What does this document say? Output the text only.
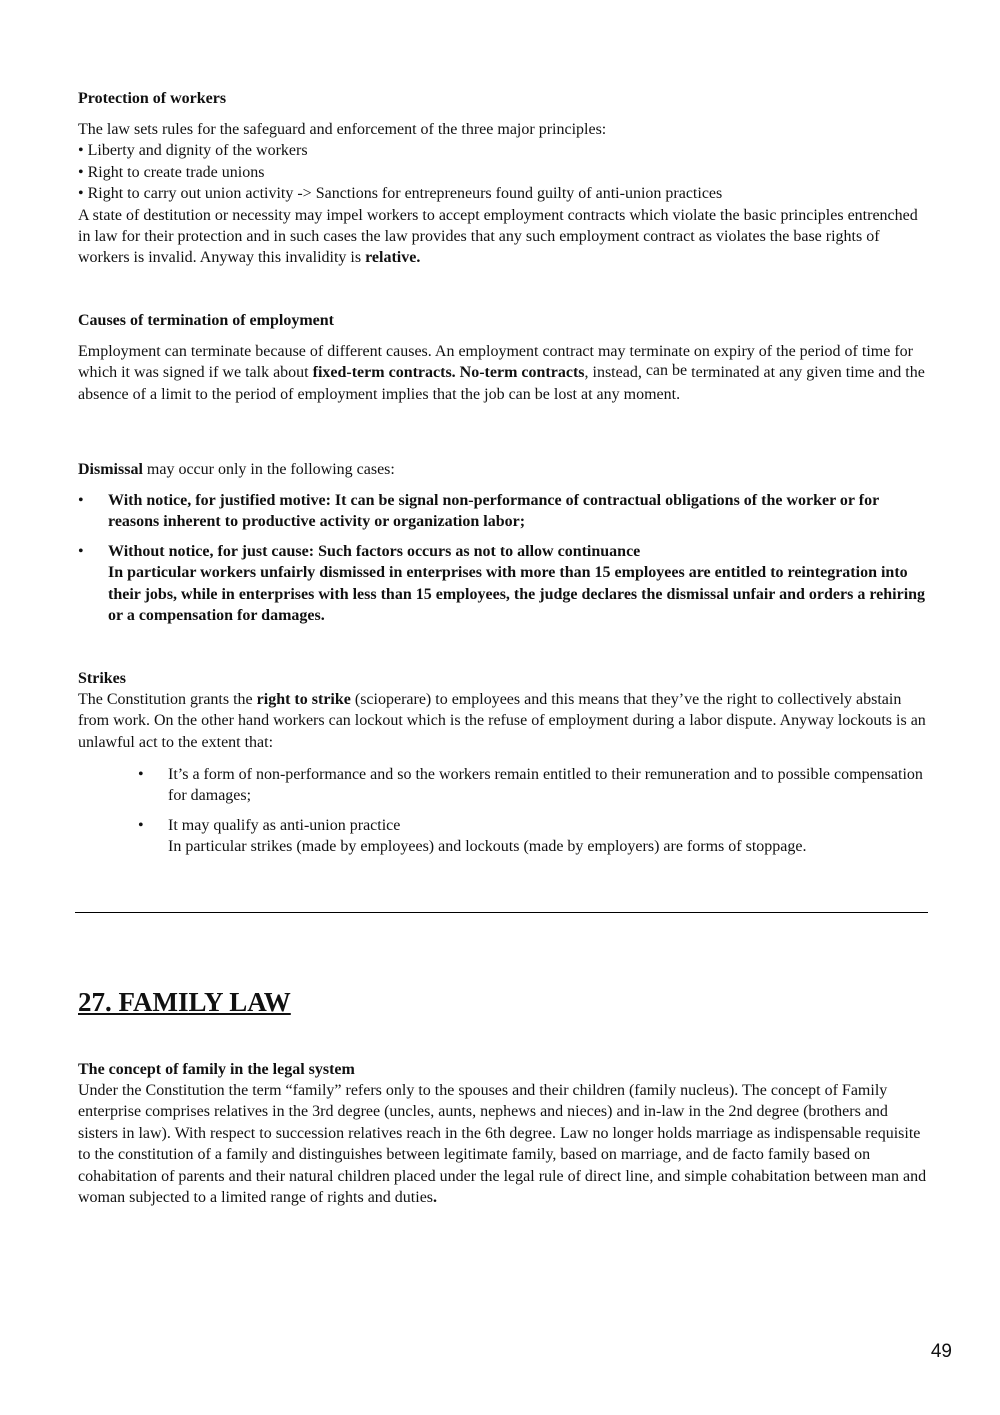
Protection of workers

The law sets rules for the safeguard and enforcement of the three major principles:
• Liberty and dignity of the workers
• Right to create trade unions
• Right to carry out union activity -> Sanctions for entrepreneurs found guilty of anti-union practices
A state of destitution or necessity may impel workers to accept employment contracts which violate the basic principles entrenched in law for their protection and in such cases the law provides that any such employment contract as violates the base rights of workers is invalid. Anyway this invalidity is relative.

Causes of termination of employment

Employment can terminate because of different causes. An employment contract may terminate on expiry of the period of time for which it was signed if we talk about fixed-term contracts. No-term contracts, instead, can be terminated at any given time and the absence of a limit to the period of employment implies that the job can be lost at any moment.

Dismissal may occur only in the following cases:

• With notice, for justified motive: It can be signal non-performance of contractual obligations of the worker or for reasons inherent to productive activity or organization labor;
• Without notice, for just cause: Such factors occurs as not to allow continuance
In particular workers unfairly dismissed in enterprises with more than 15 employees are entitled to reintegration into their jobs, while in enterprises with less than 15 employees, the judge declares the dismissal unfair and orders a rehiring or a compensation for damages.

Strikes

The Constitution grants the right to strike (scioperare) to employees and this means that they’ve the right to collectively abstain from work. On the other hand workers can lockout which is the refuse of employment during a labor dispute. Anyway lockouts is an unlawful act to the extent that:

• It’s a form of non-performance and so the workers remain entitled to their remuneration and to possible compensation for damages;
• It may qualify as anti-union practice
In particular strikes (made by employees) and lockouts (made by employers) are forms of stoppage.
27. FAMILY LAW

The concept of family in the legal system

Under the Constitution the term “family” refers only to the spouses and their children (family nucleus). The concept of Family enterprise comprises relatives in the 3rd degree (uncles, aunts, nephews and nieces) and in-law in the 2nd degree (brothers and sisters in law). With respect to succession relatives reach in the 6th degree. Law no longer holds marriage as indispensable requisite to the constitution of a family and distinguishes between legitimate family, based on marriage, and de facto family based on cohabitation of parents and their natural children placed under the legal rule of direct line, and simple cohabitation between man and woman subjected to a limited range of rights and duties.

49
